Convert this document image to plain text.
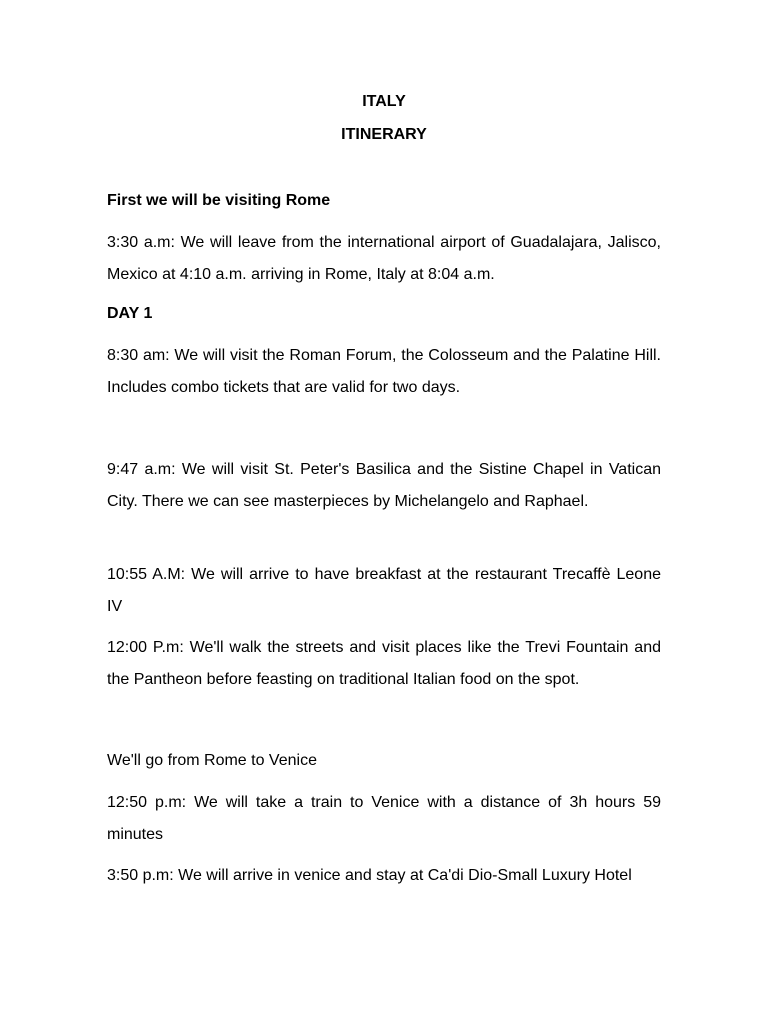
ITALY
ITINERARY
First we will be visiting Rome
3:30 a.m: We will leave from the international airport of Guadalajara, Jalisco, Mexico at 4:10 a.m. arriving in Rome, Italy at 8:04 a.m.
DAY 1
8:30 am: We will visit the Roman Forum, the Colosseum and the Palatine Hill. Includes combo tickets that are valid for two days.
9:47 a.m: We will visit St. Peter's Basilica and the Sistine Chapel in Vatican City. There we can see masterpieces by Michelangelo and Raphael.
10:55 A.M: We will arrive to have breakfast at the restaurant Trecaffè Leone IV
12:00 P.m: We'll walk the streets and visit places like the Trevi Fountain and the Pantheon before feasting on traditional Italian food on the spot.
We'll go from Rome to Venice
12:50 p.m: We will take a train to Venice with a distance of 3h hours 59 minutes
3:50 p.m: We will arrive in venice and stay at Ca'di Dio-Small Luxury Hotel
